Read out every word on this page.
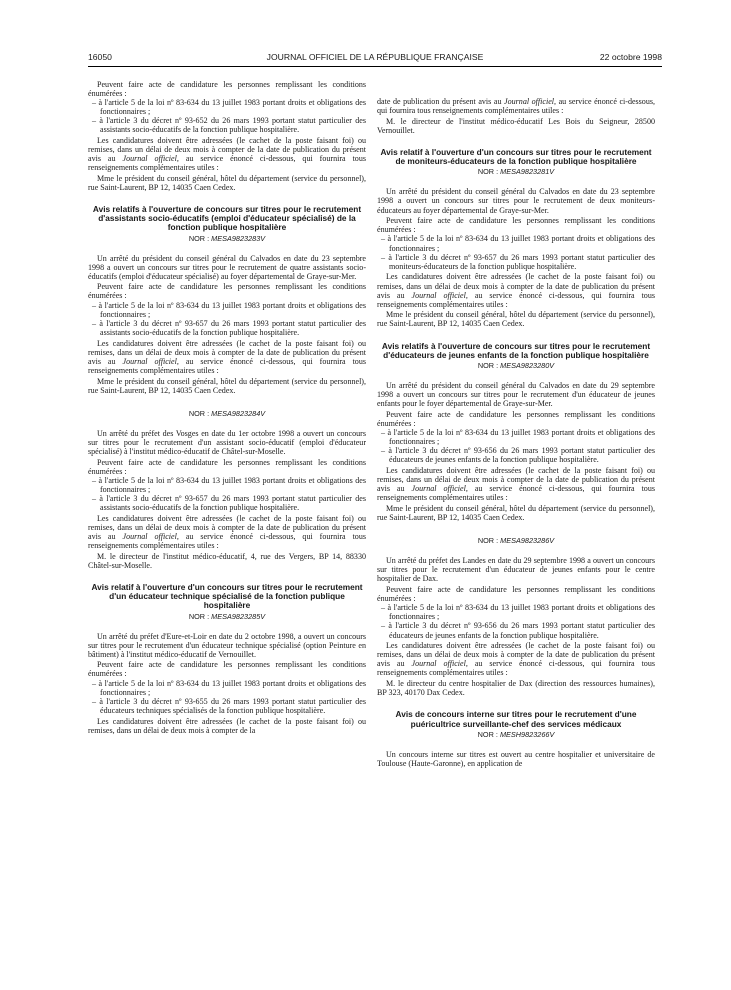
16050	JOURNAL OFFICIEL DE LA RÉPUBLIQUE FRANÇAISE	22 octobre 1998

Peuvent faire acte de candidature les personnes remplissant les conditions énumérées :

– à l'article 5 de la loi nº 83-634 du 13 juillet 1983 portant droits et obligations des fonctionnaires ;

– à l'article 3 du décret nº 93-652 du 26 mars 1993 portant statut particulier des assistants socio-éducatifs de la fonction publique hospitalière.

Les candidatures doivent être adressées (le cachet de la poste faisant foi) ou remises, dans un délai de deux mois à compter de la date de publication du présent avis au Journal officiel, au service énoncé ci-dessous, qui fournira tous renseignements complémentaires utiles :

Mme le président du conseil général, hôtel du département (service du personnel), rue Saint-Laurent, BP 12, 14035 Caen Cedex.

Avis relatifs à l'ouverture de concours sur titres pour le recrutement d'assistants socio-éducatifs (emploi d'éducateur spécialisé) de la fonction publique hospitalière
NOR : MESA9823283V

Un arrêté du président du conseil général du Calvados en date du 23 septembre 1998 a ouvert un concours sur titres pour le recrutement de quatre assistants socio-éducatifs (emploi d'éducateur spécialisé) au foyer départemental de Graye-sur-Mer.

Peuvent faire acte de candidature les personnes remplissant les conditions énumérées :

– à l'article 5 de la loi nº 83-634 du 13 juillet 1983 portant droits et obligations des fonctionnaires ;

– à l'article 3 du décret nº 93-657 du 26 mars 1993 portant statut particulier des assistants socio-éducatifs de la fonction publique hospitalière.

Les candidatures doivent être adressées (le cachet de la poste faisant foi) ou remises, dans un délai de deux mois à compter de la date de publication du présent avis au Journal officiel, au service énoncé ci-dessous, qui fournira tous renseignements complémentaires utiles :

Mme le président du conseil général, hôtel du département (service du personnel), rue Saint-Laurent, BP 12, 14035 Caen Cedex.

NOR : MESA9823284V

Un arrêté du préfet des Vosges en date du 1er octobre 1998 a ouvert un concours sur titres pour le recrutement d'un assistant socio-éducatif (emploi d'éducateur spécialisé) à l'institut médico-éducatif de Châtel-sur-Moselle.

Peuvent faire acte de candidature les personnes remplissant les conditions énumérées :

– à l'article 5 de la loi nº 83-634 du 13 juillet 1983 portant droits et obligations des fonctionnaires ;

– à l'article 3 du décret nº 93-657 du 26 mars 1993 portant statut particulier des assistants socio-éducatifs de la fonction publique hospitalière.

Les candidatures doivent être adressées (le cachet de la poste faisant foi) ou remises, dans un délai de deux mois à compter de la date de publication du présent avis au Journal officiel, au service énoncé ci-dessous, qui fournira tous renseignements complémentaires utiles :

M. le directeur de l'institut médico-éducatif, 4, rue des Vergers, BP 14, 88330 Châtel-sur-Moselle.

Avis relatif à l'ouverture d'un concours sur titres pour le recrutement d'un éducateur technique spécialisé de la fonction publique hospitalière
NOR : MESA9823285V

Un arrêté du préfet d'Eure-et-Loir en date du 2 octobre 1998, a ouvert un concours sur titres pour le recrutement d'un éducateur technique spécialisé (option Peinture en bâtiment) à l'institut médico-éducatif de Vernouillet.

Peuvent faire acte de candidature les personnes remplissant les conditions énumérées :

– à l'article 5 de la loi nº 83-634 du 13 juillet 1983 portant droits et obligations des fonctionnaires ;

– à l'article 3 du décret nº 93-655 du 26 mars 1993 portant statut particulier des éducateurs techniques spécialisés de la fonction publique hospitalière.

Les candidatures doivent être adressées (le cachet de la poste faisant foi) ou remises, dans un délai de deux mois à compter de la

date de publication du présent avis au Journal officiel, au service énoncé ci-dessous, qui fournira tous renseignements complémentaires utiles :

M. le directeur de l'institut médico-éducatif Les Bois du Seigneur, 28500 Vernouillet.

Avis relatif à l'ouverture d'un concours sur titres pour le recrutement de moniteurs-éducateurs de la fonction publique hospitalière
NOR : MESA9823281V

Un arrêté du président du conseil général du Calvados en date du 23 septembre 1998 a ouvert un concours sur titres pour le recrutement de deux moniteurs-éducateurs au foyer départemental de Graye-sur-Mer.

Peuvent faire acte de candidature les personnes remplissant les conditions énumérées :

– à l'article 5 de la loi nº 83-634 du 13 juillet 1983 portant droits et obligations des fonctionnaires ;

– à l'article 3 du décret nº 93-657 du 26 mars 1993 portant statut particulier des moniteurs-éducateurs de la fonction publique hospitalière.

Les candidatures doivent être adressées (le cachet de la poste faisant foi) ou remises, dans un délai de deux mois à compter de la date de publication du présent avis au Journal officiel, au service énoncé ci-dessous, qui fournira tous renseignements complémentaires utiles :

Mme le président du conseil général, hôtel du département (service du personnel), rue Saint-Laurent, BP 12, 14035 Caen Cedex.

Avis relatifs à l'ouverture de concours sur titres pour le recrutement d'éducateurs de jeunes enfants de la fonction publique hospitalière
NOR : MESA9823280V

Un arrêté du président du conseil général du Calvados en date du 29 septembre 1998 a ouvert un concours sur titres pour le recrutement d'un éducateur de jeunes enfants pour le foyer départemental de Graye-sur-Mer.

Peuvent faire acte de candidature les personnes remplissant les conditions énumérées :

– à l'article 5 de la loi nº 83-634 du 13 juillet 1983 portant droits et obligations des fonctionnaires ;

– à l'article 3 du décret nº 93-656 du 26 mars 1993 portant statut particulier des éducateurs de jeunes enfants de la fonction publique hospitalière.

Les candidatures doivent être adressées (le cachet de la poste faisant foi) ou remises, dans un délai de deux mois à compter de la date de publication du présent avis au Journal officiel, au service énoncé ci-dessous, qui fournira tous renseignements complémentaires utiles :

Mme le président du conseil général, hôtel du département (service du personnel), rue Saint-Laurent, BP 12, 14035 Caen Cedex.

NOR : MESA9823286V

Un arrêté du préfet des Landes en date du 29 septembre 1998 a ouvert un concours sur titres pour le recrutement d'un éducateur de jeunes enfants pour le centre hospitalier de Dax.

Peuvent faire acte de candidature les personnes remplissant les conditions énumérées :

– à l'article 5 de la loi nº 83-634 du 13 juillet 1983 portant droits et obligations des fonctionnaires ;

– à l'article 3 du décret nº 93-656 du 26 mars 1993 portant statut particulier des éducateurs de jeunes enfants de la fonction publique hospitalière.

Les candidatures doivent être adressées (le cachet de la poste faisant foi) ou remises, dans un délai de deux mois à compter de la date de publication du présent avis au Journal officiel, au service énoncé ci-dessous, qui fournira tous renseignements complémentaires utiles :

M. le directeur du centre hospitalier de Dax (direction des ressources humaines), BP 323, 40170 Dax Cedex.

Avis de concours interne sur titres pour le recrutement d'une puéricultrice surveillante-chef des services médicaux
NOR : MESH9823266V

Un concours interne sur titres est ouvert au centre hospitalier et universitaire de Toulouse (Haute-Garonne), en application de
